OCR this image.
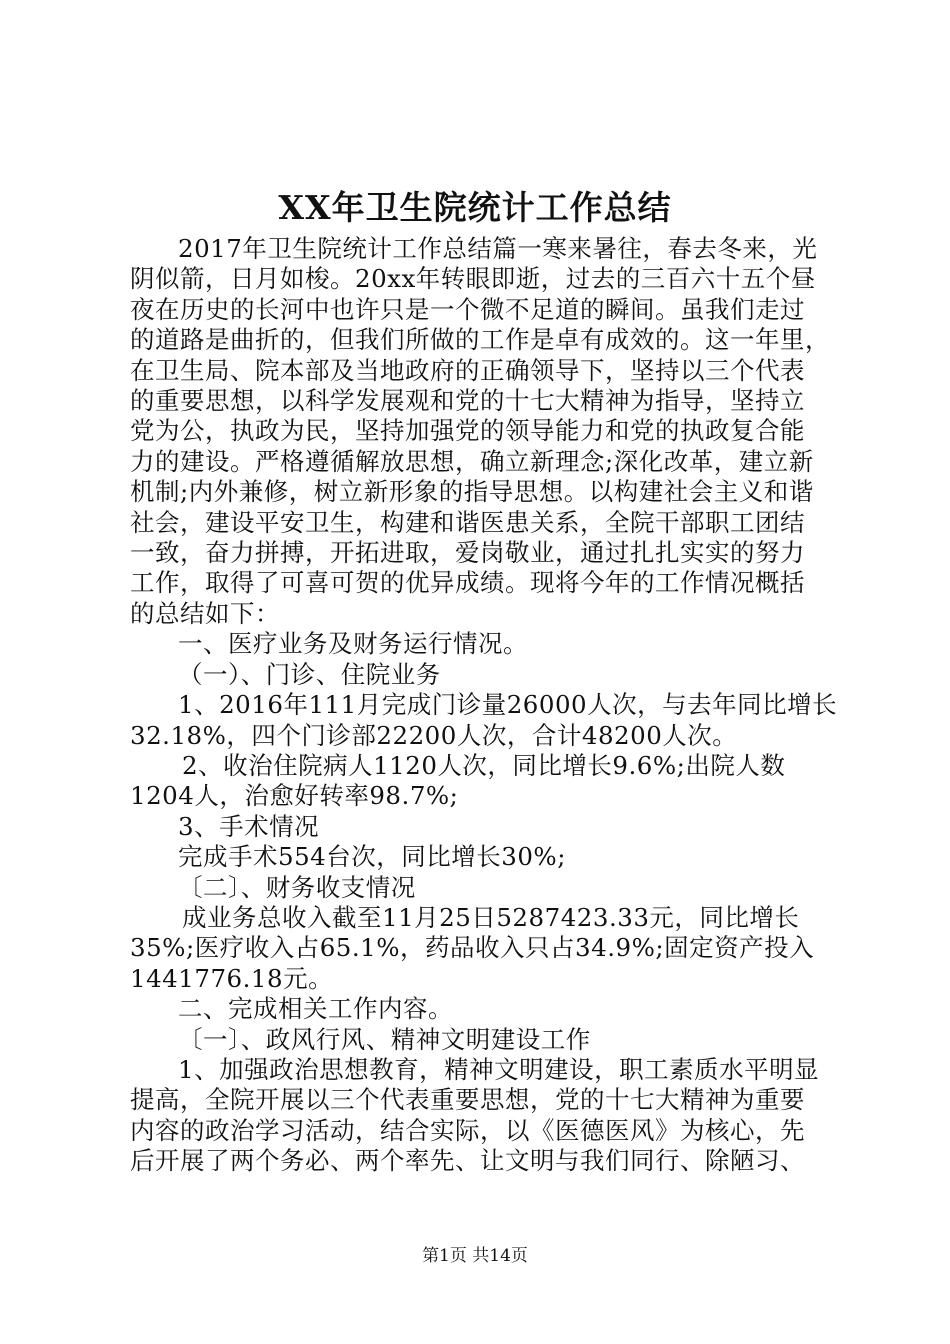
XX年卫生院统计工作总结

2017年卫生院统计工作总结篇一寒来暑往，春去冬来，光

阴似箭，日月如梭。20xx年转眼即逝，过去的三百六十五个昼

夜在历史的长河中也许只是一个微不足道的瞬间。虽我们走过

的道路是曲折的，但我们所做的工作是卓有成效的。这一年里，

在卫生局、院本部及当地政府的正确领导下，坚持以三个代表

的重要思想，以科学发展观和党的十七大精神为指导，坚持立

党为公，执政为民，坚持加强党的领导能力和党的执政复合能

力的建设。严格遵循解放思想，确立新理念;深化改革，建立新

机制;内外兼修，树立新形象的指导思想。以构建社会主义和谐

社会，建设平安卫生，构建和谐医患关系，全院干部职工团结

一致，奋力拼搏，开拓进取，爱岗敬业，通过扎扎实实的努力

工作，取得了可喜可贺的优异成绩。现将今年的工作情况概括

的总结如下：

一、医疗业务及财务运行情况。

（一）、门诊、住院业务

1、2016年111月完成门诊量26000人次，与去年同比增长

32.18%，四个门诊部22200人次，合计48200人次。

2、收治住院病人1120人次，同比增长9.6%;出院人数

1204人，治愈好转率98.7%;

3、手术情况

完成手术554台次，同比增长30%;

〔二〕、财务收支情况

成业务总收入截至11月25日5287423.33元，同比增长

35%;医疗收入占65.1%，药品收入只占34.9%;固定资产投入

1441776.18元。

二、完成相关工作内容。

〔一〕、政风行风、精神文明建设工作

1、加强政治思想教育，精神文明建设，职工素质水平明显

提高，全院开展以三个代表重要思想，党的十七大精神为重要

内容的政治学习活动，结合实际，以《医德医风》为核心，先

后开展了两个务必、两个率先、让文明与我们同行、除陋习、

第1页 共14页
